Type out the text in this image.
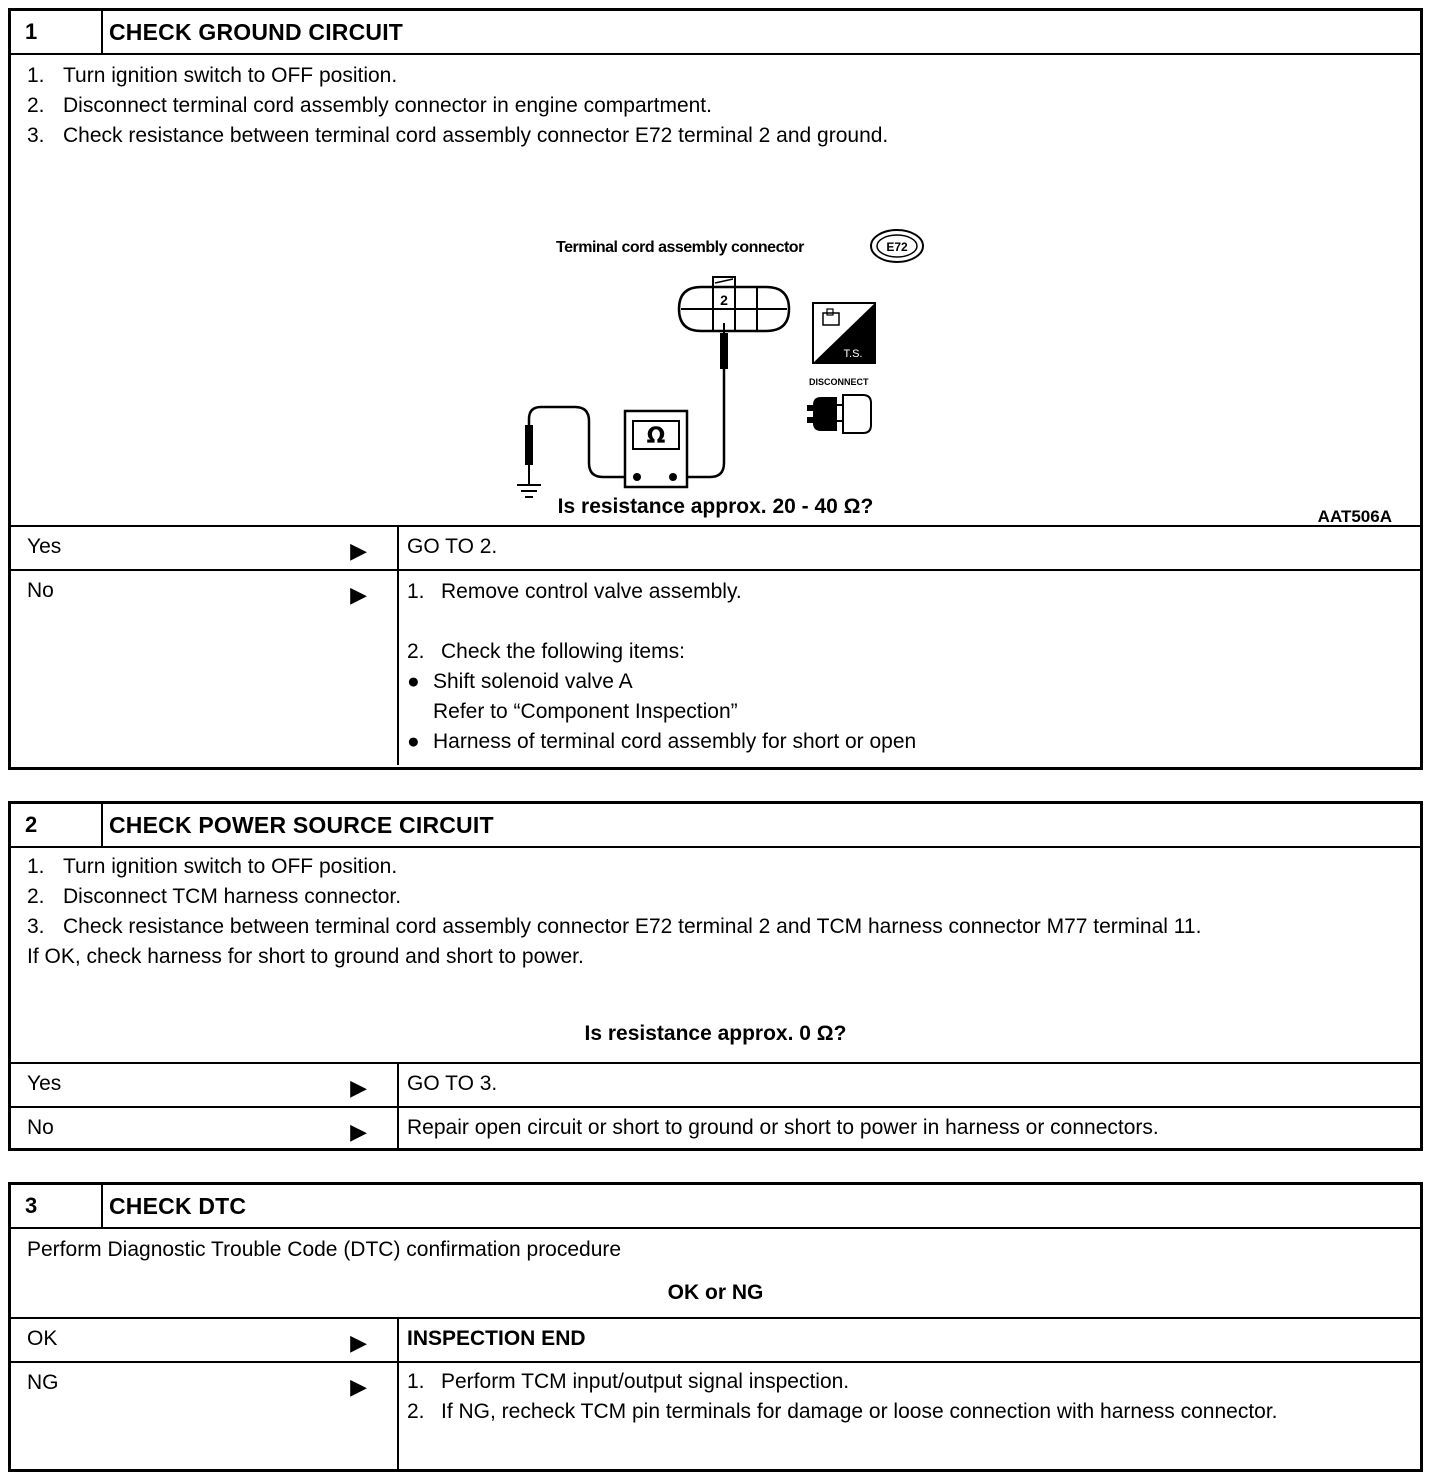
1	CHECK GROUND CIRCUIT
1. Turn ignition switch to OFF position.
2. Disconnect terminal cord assembly connector in engine compartment.
3. Check resistance between terminal cord assembly connector E72 terminal 2 and ground.
Terminal cord assembly connector	E72
2
Ω
T.S.
DISCONNECT
AAT506A
Is resistance approx. 20 - 40 Ω?
Yes	▶	GO TO 2.
No	▶ 1. Remove control valve assembly.
2. Check the following items:
● Shift solenoid valve A
Refer to “Component Inspection”
● Harness of terminal cord assembly for short or open
2	CHECK POWER SOURCE CIRCUIT
1. Turn ignition switch to OFF position.
2. Disconnect TCM harness connector.
3. Check resistance between terminal cord assembly connector E72 terminal 2 and TCM harness connector M77 terminal 11.
If OK, check harness for short to ground and short to power.
Is resistance approx. 0 Ω?
Yes	▶	GO TO 3.
No	▶	Repair open circuit or short to ground or short to power in harness or connectors.
3	CHECK DTC
Perform Diagnostic Trouble Code (DTC) confirmation procedure
OK or NG
OK	▶	INSPECTION END
NG	▶ 1. Perform TCM input/output signal inspection.
2. If NG, recheck TCM pin terminals for damage or loose connection with harness connector.
